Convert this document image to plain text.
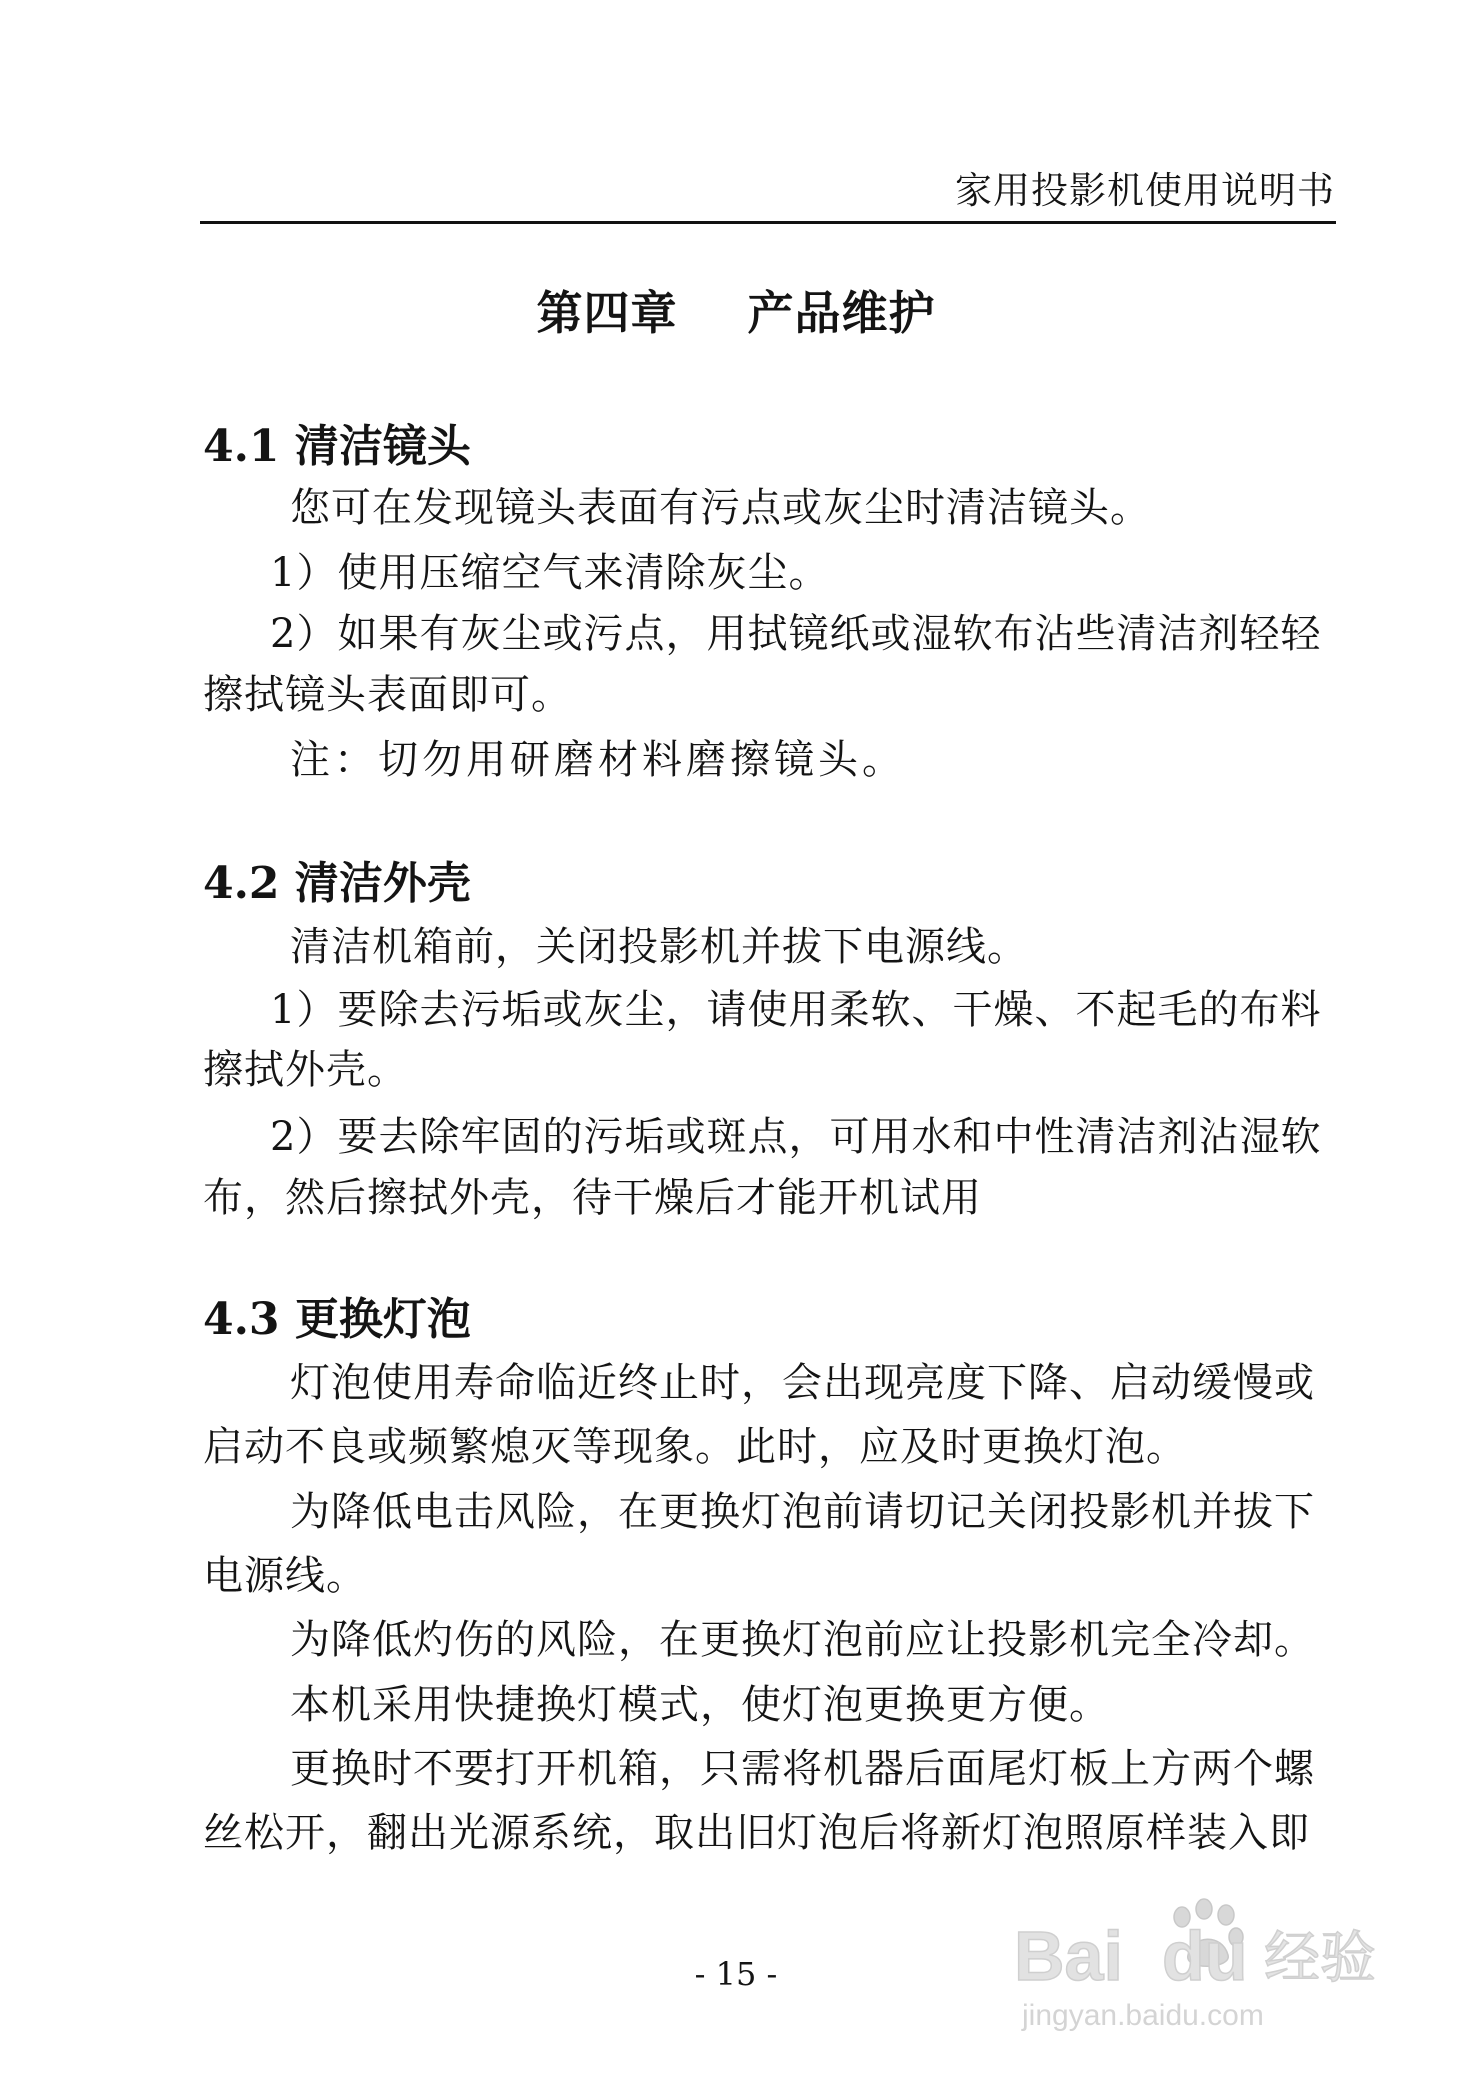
家用投影机使用说明书
第四章 产品维护
4.1 清洁镜头
您可在发现镜头表面有污点或灰尘时清洁镜头。
1）使用压缩空气来清除灰尘。
2）如果有灰尘或污点，用拭镜纸或湿软布沾些清洁剂轻轻
擦拭镜头表面即可。
注：切勿用研磨材料磨擦镜头。
4.2 清洁外壳
清洁机箱前，关闭投影机并拔下电源线。
1）要除去污垢或灰尘，请使用柔软、干燥、不起毛的布料
擦拭外壳。
2）要去除牢固的污垢或斑点，可用水和中性清洁剂沾湿软
布，然后擦拭外壳，待干燥后才能开机试用
4.3 更换灯泡
灯泡使用寿命临近终止时，会出现亮度下降、启动缓慢或
启动不良或频繁熄灭等现象。此时，应及时更换灯泡。
为降低电击风险，在更换灯泡前请切记关闭投影机并拔下
电源线。
为降低灼伤的风险，在更换灯泡前应让投影机完全冷却。
本机采用快捷换灯模式，使灯泡更换更方便。
更换时不要打开机箱，只需将机器后面尾灯板上方两个螺
丝松开，翻出光源系统，取出旧灯泡后将新灯泡照原样装入即
- 15 -	Bai du 经验
jingyan.baidu.com
